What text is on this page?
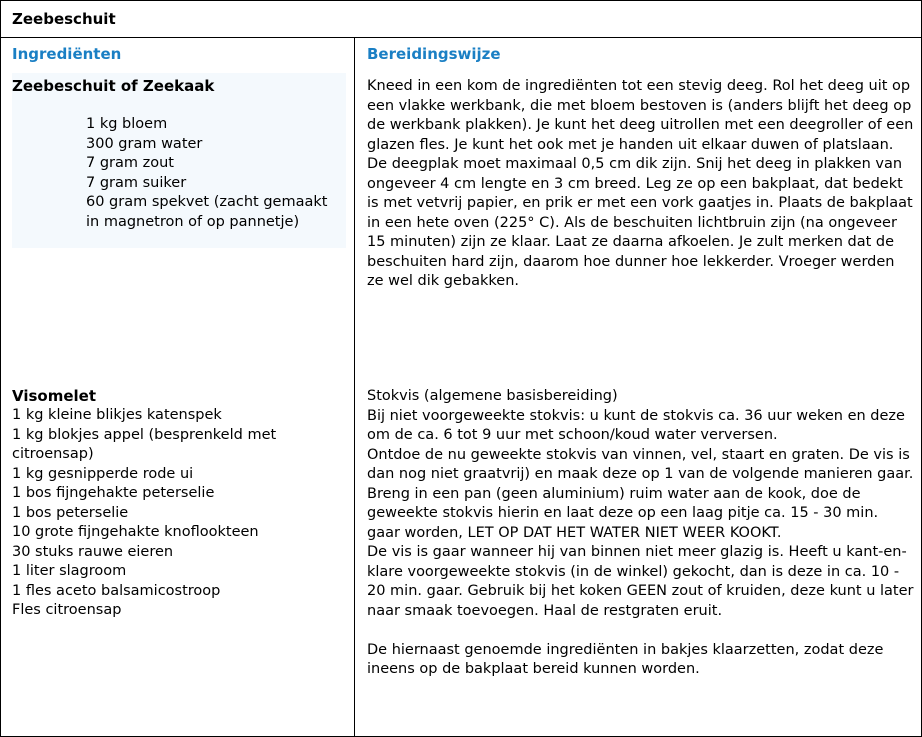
Zeebeschuit
Ingrediënten	Bereidingswijze
Zeebeschuit of Zeekaak
1 kg bloem
300 gram water
7 gram zout
7 gram suiker
60 gram spekvet (zacht gemaakt in magnetron of op pannetje)
Kneed in een kom de ingrediënten tot een stevig deeg. Rol het deeg uit op een vlakke werkbank, die met bloem bestoven is (anders blijft het deeg op de werkbank plakken). Je kunt het deeg uitrollen met een deegroller of een glazen fles. Je kunt het ook met je handen uit elkaar duwen of platslaan. De deegplak moet maximaal 0,5 cm dik zijn. Snij het deeg in plakken van ongeveer 4 cm lengte en 3 cm breed. Leg ze op een bakplaat, dat bedekt is met vetvrij papier, en prik er met een vork gaatjes in. Plaats de bakplaat in een hete oven (225° C). Als de beschuiten lichtbruin zijn (na ongeveer 15 minuten) zijn ze klaar. Laat ze daarna afkoelen. Je zult merken dat de beschuiten hard zijn, daarom hoe dunner hoe lekkerder. Vroeger werden ze wel dik gebakken.
Visomelet
1 kg kleine blikjes katenspek
1 kg blokjes appel (besprenkeld met citroensap)
1 kg gesnipperde rode ui
1 bos fijngehakte peterselie
1 bos peterselie
10 grote fijngehakte knoflookteen
30 stuks rauwe eieren
1 liter slagroom
1 fles aceto balsamicostroop
Fles citroensap

Stokvis (algemene basisbereiding)

Bij niet voorgeweekte stokvis: u kunt de stokvis ca. 36 uur weken en deze om de ca. 6 tot 9 uur met schoon/koud water verversen.

Ontdoe de nu geweekte stokvis van vinnen, vel, staart en graten. De vis is dan nog niet graatvrij) en maak deze op 1 van de volgende manieren gaar.

Breng in een pan (geen aluminium) ruim water aan de kook, doe de geweekte stokvis hierin en laat deze op een laag pitje ca. 15 - 30 min. gaar worden, LET OP DAT HET WATER NIET WEER KOOKT.

De vis is gaar wanneer hij van binnen niet meer glazig is. Heeft u kant-en-klare voorgeweekte stokvis (in de winkel) gekocht, dan is deze in ca. 10 - 20 min. gaar. Gebruik bij het koken GEEN zout of kruiden, deze kunt u later naar smaak toevoegen. Haal de restgraten eruit.

De hiernaast genoemde ingrediënten in bakjes klaarzetten, zodat deze ineens op de bakplaat bereid kunnen worden.
